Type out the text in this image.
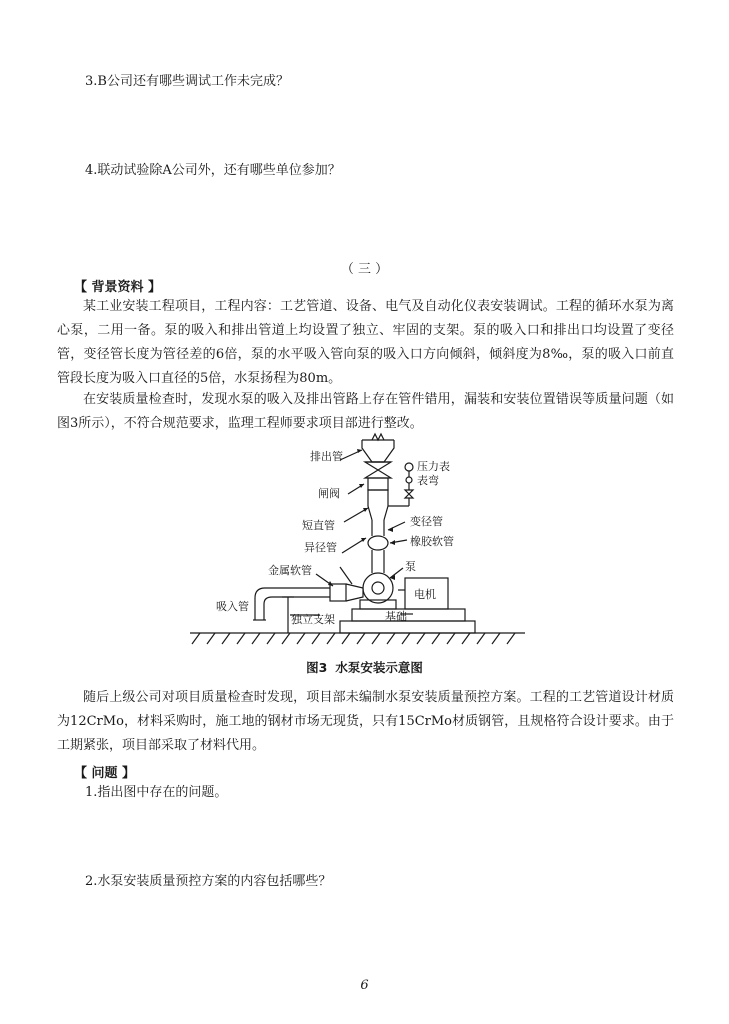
3.B公司还有哪些调试工作未完成？
4.联动试验除A公司外，还有哪些单位参加？
（ 三 ）
【 背景资料 】

某工业安装工程项目，工程内容：工艺管道、设备、电气及自动化仪表安装调试。工程的循环水泵为离心泵，二用一备。泵的吸入和排出管道上均设置了独立、牢固的支架。泵的吸入口和排出口均设置了变径管，变径管长度为管径差的6倍，泵的水平吸入管向泵的吸入口方向倾斜，倾斜度为8‰，泵的吸入口前直管段长度为吸入口直径的5倍，水泵扬程为80m。

在安装质量检查时，发现水泵的吸入及排出管路上存在管件错用，漏装和安装位置错误等质量问题（如图3所示），不符合规范要求，监理工程师要求项目部进行整改。

排出管
压力表
表弯
闸阀
短直管	变径管
橡胶软管
异径管
金属软管	泵
电机
吸入管
独立支架	基础
图3 水泵安装示意图

随后上级公司对项目质量检查时发现，项目部未编制水泵安装质量预控方案。工程的工艺管道设计材质为12CrMo，材料采购时，施工地的钢材市场无现货，只有15CrMo材质钢管，且规格符合设计要求。由于工期紧张，项目部采取了材料代用。

【 问题 】
1.指出图中存在的问题。
2.水泵安装质量预控方案的内容包括哪些？
6
